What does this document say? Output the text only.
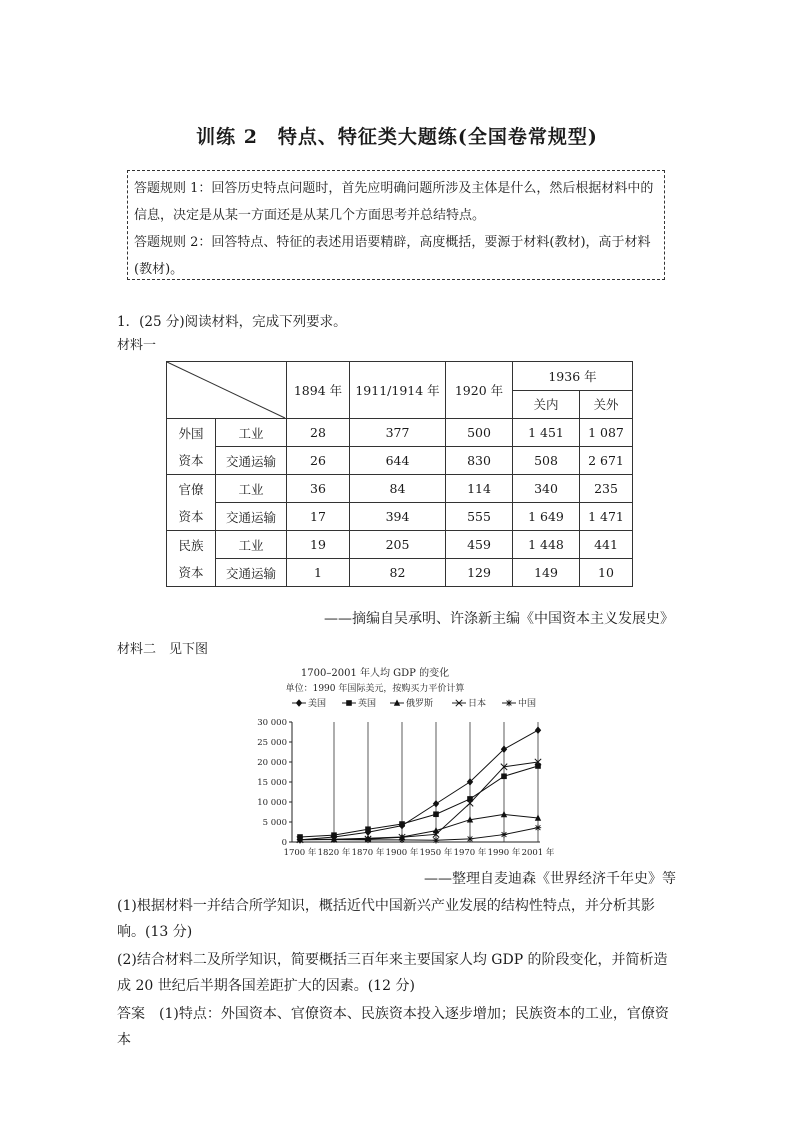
训练 2　特点、特征类大题练(全国卷常规型)
答题规则 1：回答历史特点问题时，首先应明确问题所涉及主体是什么，然后根据材料中的信息，决定是从某一方面还是从某几个方面思考并总结特点。
答题规则 2：回答特点、特征的表述用语要精辟，高度概括，要源于材料(教材)，高于材料(教材)。
1．(25 分)阅读材料，完成下列要求。
材料一
	1894 年	1911/1914 年	1920 年	1936 年	
					关内	关外
外国	工业	28	377	500	1 451	1 087
资本	交通运输	26	644	830	508	2 671
官僚	工业	36	84	114	340	235
资本	交通运输	17	394	555	1 649	1 471
民族	工业	19	205	459	1 448	441
资本	交通运输	1	82	129	149	10
——摘编自吴承明、许涤新主编《中国资本主义发展史》
材料二　见下图
1700–2001 年人均 GDP 的变化
单位：1990 年国际美元，按购买力平价计算
美国	英国	俄罗斯	日本	中国
0
5 000
10 000
15 000
20 000
25 000
30 000
1700 年 1820 年 1870 年 1900 年 1950 年 1970 年 1990 年 2001 年
——整理自麦迪森《世界经济千年史》等
(1)根据材料一并结合所学知识，概括近代中国新兴产业发展的结构性特点，并分析其影响。(13 分)
(2)结合材料二及所学知识，简要概括三百年来主要国家人均 GDP 的阶段变化，并简析造成 20 世纪后半期各国差距扩大的因素。(12 分)
答案　(1)特点：外国资本、官僚资本、民族资本投入逐步增加；民族资本的工业，官僚资本
